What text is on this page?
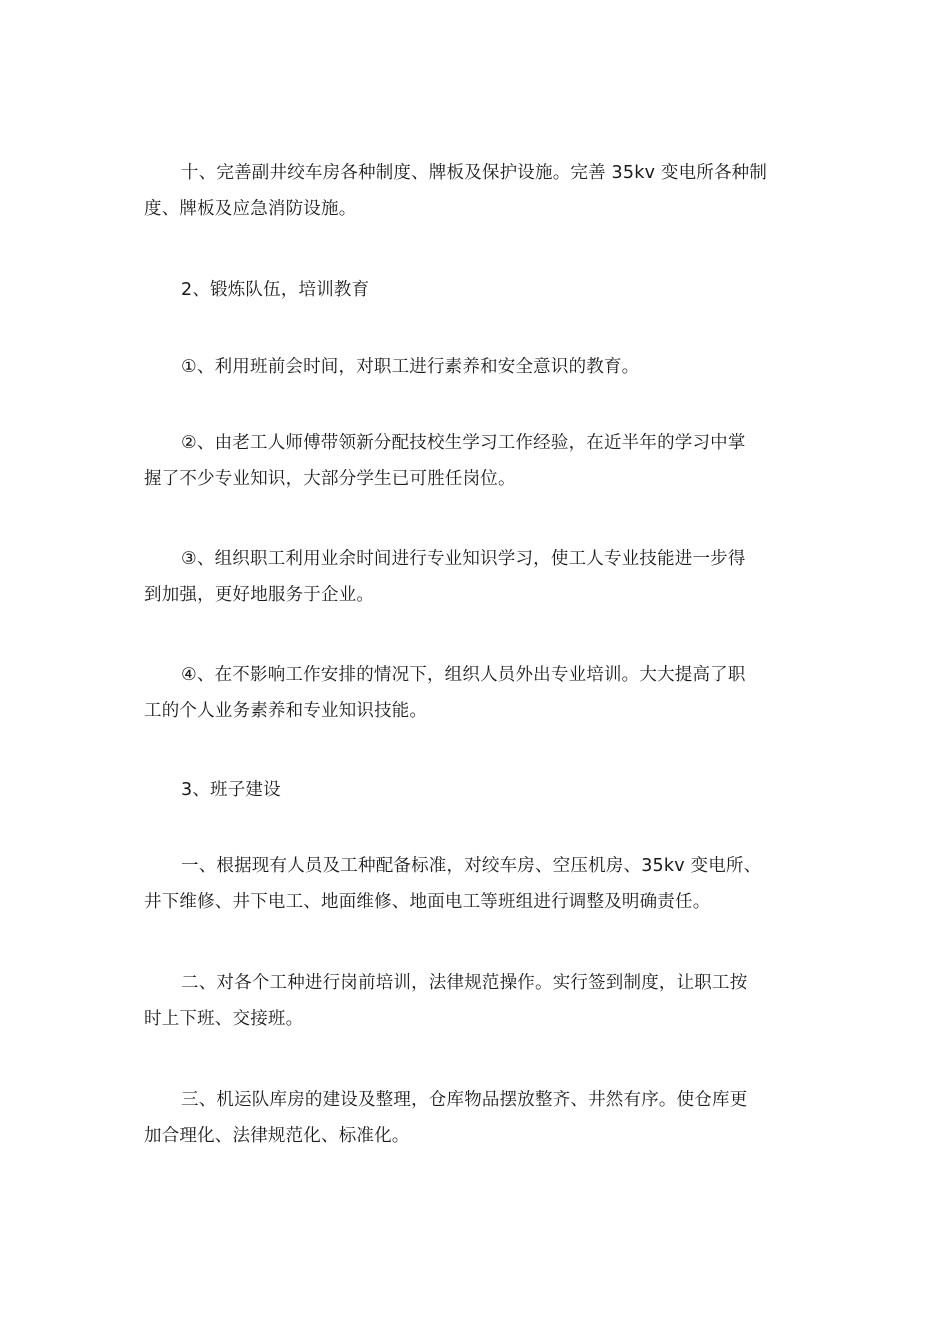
十、完善副井绞车房各种制度、牌板及保护设施。完善 35kv 变电所各种制
度、牌板及应急消防设施。

2、锻炼队伍，培训教育

①、利用班前会时间，对职工进行素养和安全意识的教育。

②、由老工人师傅带领新分配技校生学习工作经验，在近半年的学习中掌
握了不少专业知识，大部分学生已可胜任岗位。

③、组织职工利用业余时间进行专业知识学习，使工人专业技能进一步得
到加强，更好地服务于企业。

④、在不影响工作安排的情况下，组织人员外出专业培训。大大提高了职
工的个人业务素养和专业知识技能。

3、班子建设

一、根据现有人员及工种配备标准，对绞车房、空压机房、35kv 变电所、
井下维修、井下电工、地面维修、地面电工等班组进行调整及明确责任。

二、对各个工种进行岗前培训，法律规范操作。实行签到制度，让职工按
时上下班、交接班。

三、机运队库房的建设及整理，仓库物品摆放整齐、井然有序。使仓库更
加合理化、法律规范化、标准化。
